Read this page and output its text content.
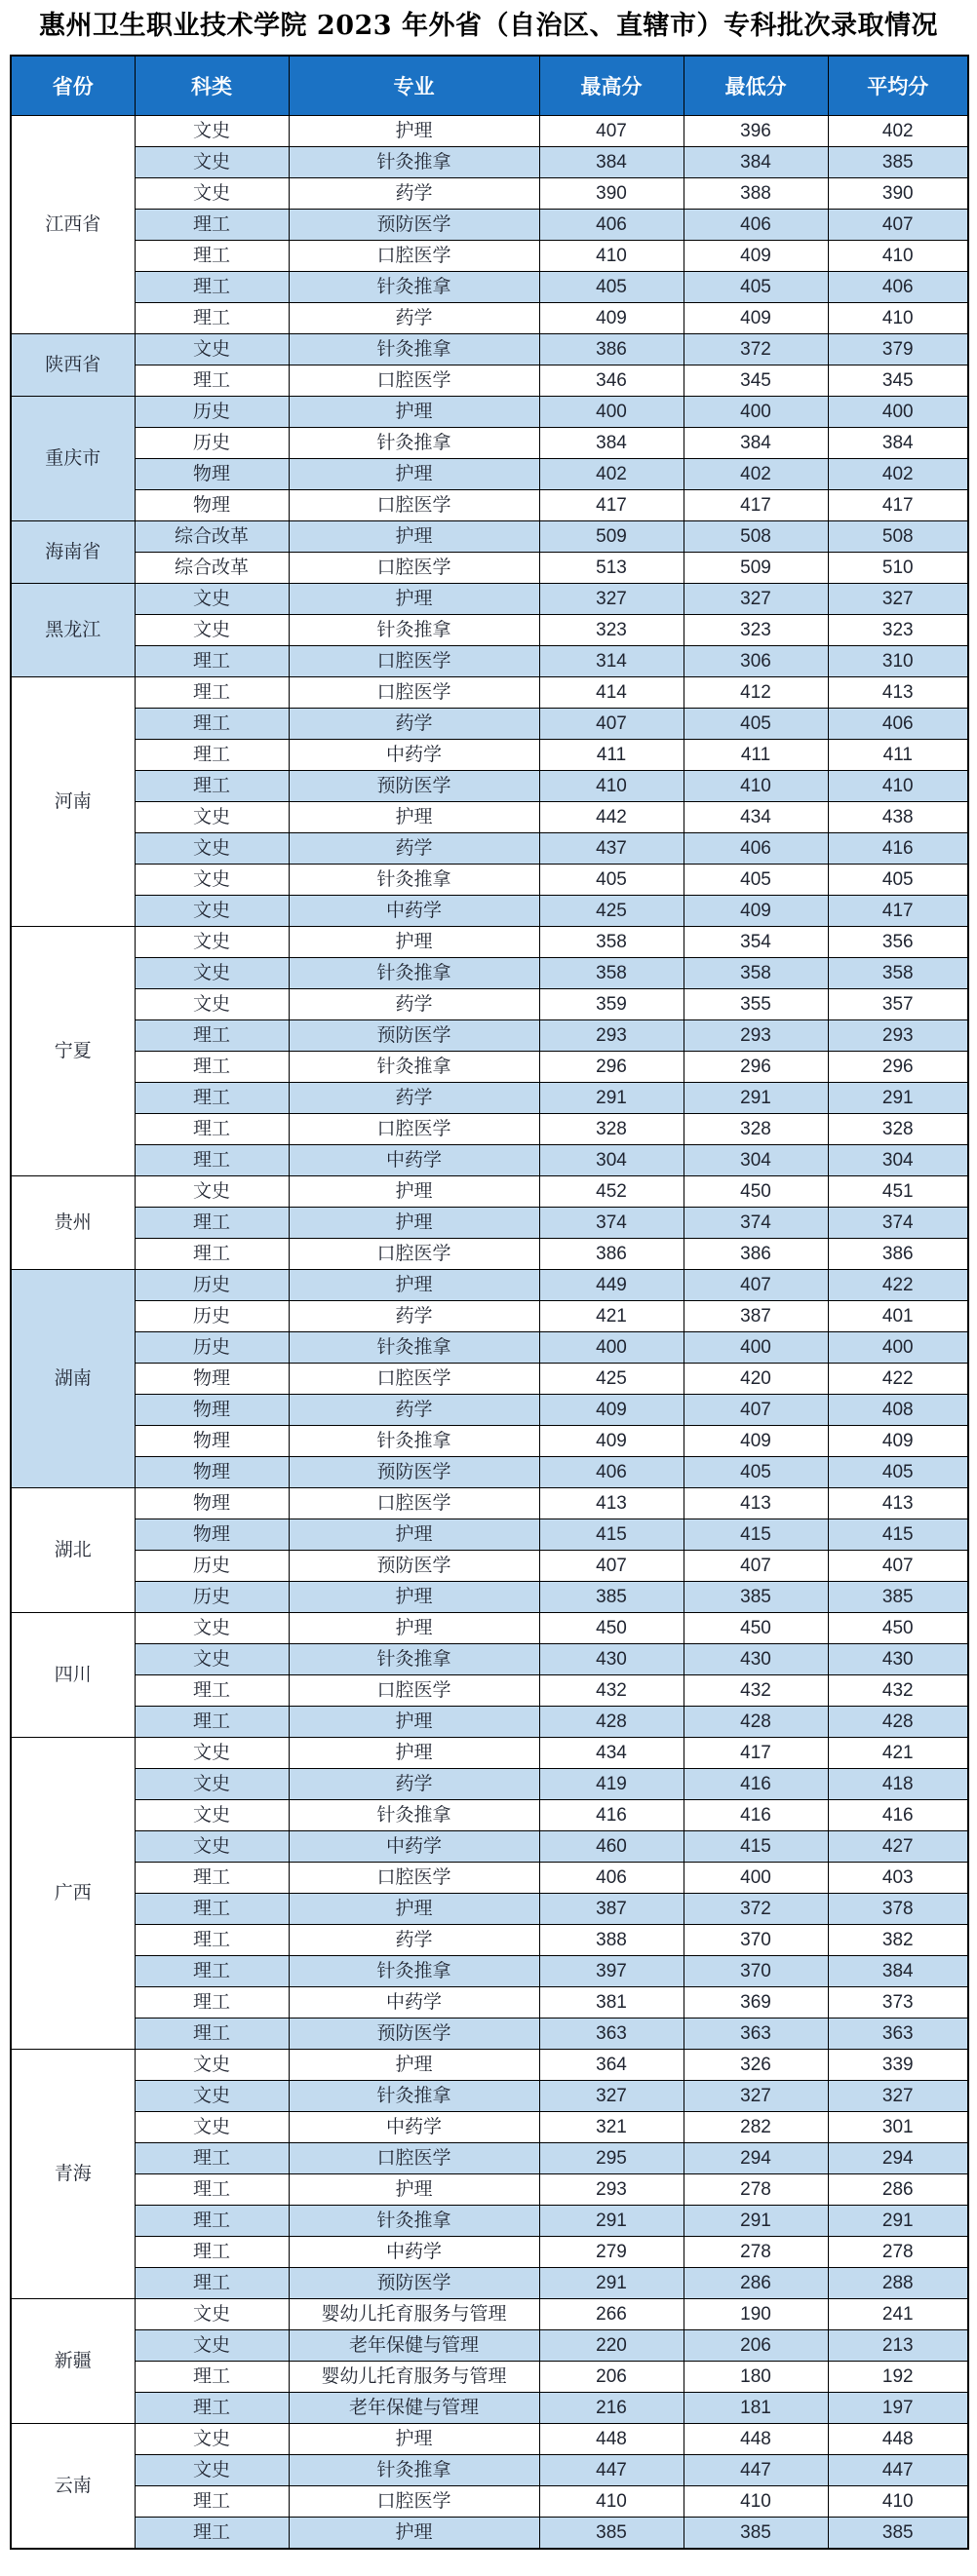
惠州卫生职业技术学院 2023 年外省（自治区、直辖市）专科批次录取情况
省份	科类	专业	最高分	最低分	平均分
江西省	文史	护理	407	396	402
	文史	针灸推拿	384	384	385
	文史	药学	390	388	390
	理工	预防医学	406	406	407
	理工	口腔医学	410	409	410
	理工	针灸推拿	405	405	406
	理工	药学	409	409	410
陕西省	文史	针灸推拿	386	372	379
	理工	口腔医学	346	345	345
重庆市	历史	护理	400	400	400
	历史	针灸推拿	384	384	384
	物理	护理	402	402	402
	物理	口腔医学	417	417	417
海南省	综合改革	护理	509	508	508
	综合改革	口腔医学	513	509	510
黑龙江	文史	护理	327	327	327
	文史	针灸推拿	323	323	323
	理工	口腔医学	314	306	310
河南	理工	口腔医学	414	412	413
	理工	药学	407	405	406
	理工	中药学	411	411	411
	理工	预防医学	410	410	410
	文史	护理	442	434	438
	文史	药学	437	406	416
	文史	针灸推拿	405	405	405
	文史	中药学	425	409	417
宁夏	文史	护理	358	354	356
	文史	针灸推拿	358	358	358
	文史	药学	359	355	357
	理工	预防医学	293	293	293
	理工	针灸推拿	296	296	296
	理工	药学	291	291	291
	理工	口腔医学	328	328	328
	理工	中药学	304	304	304
贵州	文史	护理	452	450	451
	理工	护理	374	374	374
	理工	口腔医学	386	386	386
湖南	历史	护理	449	407	422
	历史	药学	421	387	401
	历史	针灸推拿	400	400	400
	物理	口腔医学	425	420	422
	物理	药学	409	407	408
	物理	针灸推拿	409	409	409
	物理	预防医学	406	405	405
湖北	物理	口腔医学	413	413	413
	物理	护理	415	415	415
	历史	预防医学	407	407	407
	历史	护理	385	385	385
四川	文史	护理	450	450	450
	文史	针灸推拿	430	430	430
	理工	口腔医学	432	432	432
	理工	护理	428	428	428
广西	文史	护理	434	417	421
	文史	药学	419	416	418
	文史	针灸推拿	416	416	416
	文史	中药学	460	415	427
	理工	口腔医学	406	400	403
	理工	护理	387	372	378
	理工	药学	388	370	382
	理工	针灸推拿	397	370	384
	理工	中药学	381	369	373
	理工	预防医学	363	363	363
青海	文史	护理	364	326	339
	文史	针灸推拿	327	327	327
	文史	中药学	321	282	301
	理工	口腔医学	295	294	294
	理工	护理	293	278	286
	理工	针灸推拿	291	291	291
	理工	中药学	279	278	278
	理工	预防医学	291	286	288
新疆	文史	婴幼儿托育服务与管理	266	190	241
	文史	老年保健与管理	220	206	213
	理工	婴幼儿托育服务与管理	206	180	192
	理工	老年保健与管理	216	181	197
云南	文史	护理	448	448	448
	文史	针灸推拿	447	447	447
	理工	口腔医学	410	410	410
	理工	护理	385	385	385
